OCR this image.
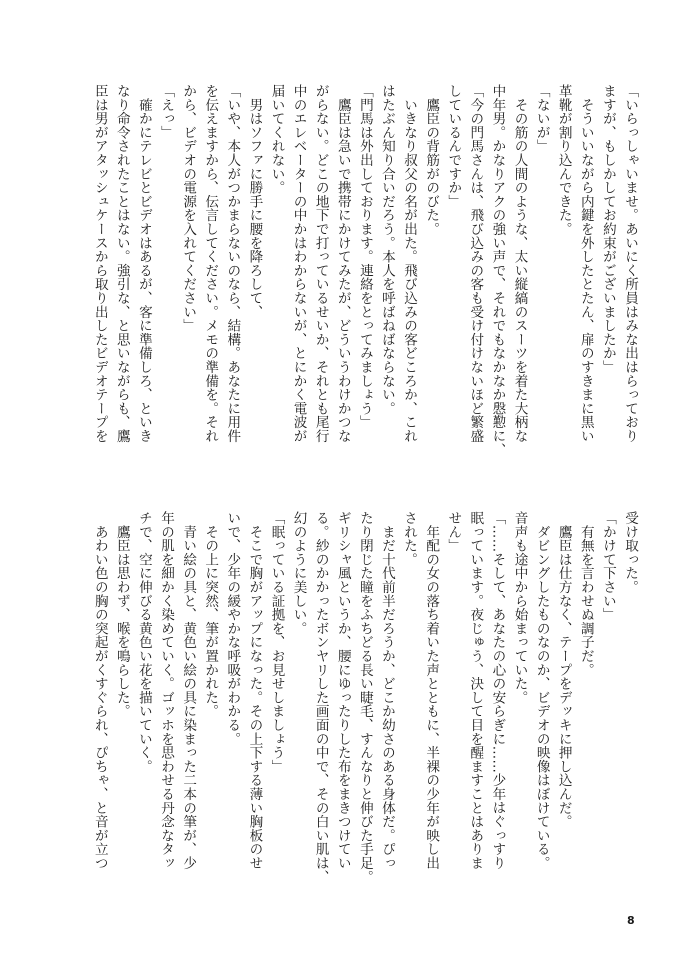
「いらっしゃいませ。あいにく所員はみな出はらっており
ますが、もしかしてお約束がございましたか」
　そういいながら内鍵を外したとたん、扉のすきまに黒い
革靴が割り込んできた。
「ないが」
　その筋の人間のような、太い縦縞のスーツを着た大柄な
中年男。かなりアクの強い声で、それでもなかなか慇懃に、
「今の門馬さんは、飛び込みの客も受け付けないほど繁盛
しているんですか」
　鷹臣の背筋がのびた。
　いきなり叔父の名が出た。飛び込みの客どころか、これ
はたぶん知り合いだろう。本人を呼ばねばならない。
「門馬は外出しております。連絡をとってみましょう」
　鷹臣は急いで携帯にかけてみたが、どういうわけかつな
がらない。どこの地下で打っているせいか、それとも尾行
中のエレベーターの中かはわからないが、とにかく電波が
届いてくれない。
　男はソファに勝手に腰を降ろして、
「いや、本人がつかまらないのなら、結構。あなたに用件
を伝えますから、伝言してください。メモの準備を。それ
から、ビデオの電源を入れてください」
「えっ」
　確かにテレビとビデオはあるが、客に準備しろ、といき
なり命令されたことはない。強引な、と思いながらも、鷹
臣は男がアタッシュケースから取り出したビデオテープを
受け取った。
「かけて下さい」
　有無を言わせぬ調子だ。
　鷹臣は仕方なく、テープをデッキに押し込んだ。
　ダビングしたものなのか、ビデオの映像はぼけている。
音声も途中から始まっていた。
「……そして、あなたの心の安らぎに……少年はぐっすり
眠っています。夜じゅう、決して目を醒ますことはありま
せん」
　年配の女の落ち着いた声とともに、半裸の少年が映し出
された。
　まだ十代前半だろうか、どこか幼さのある身体だ。ぴっ
たり閉じた瞳をふちどる長い睫毛、すんなりと伸びた手足。
ギリシャ風というか、腰にゆったりした布をまきつけてい
る。紗のかかったボンヤリした画面の中で、その白い肌は、
幻のように美しい。
「眠っている証拠を、お見せしましょう」
　そこで胸がアップになった。その上下する薄い胸板のせ
いで、少年の緩やかな呼吸がわかる。
　その上に突然、筆が置かれた。
　青い絵の具と、黄色い絵の具に染まった二本の筆が、少
年の肌を細かく染めていく。ゴッホを思わせる丹念なタッ
チで、空に伸びる黄色い花を描いていく。
　鷹臣は思わず、喉を鳴らした。
　あわい色の胸の突起がくすぐられ、ぴちゃ、と音が立つ
8
